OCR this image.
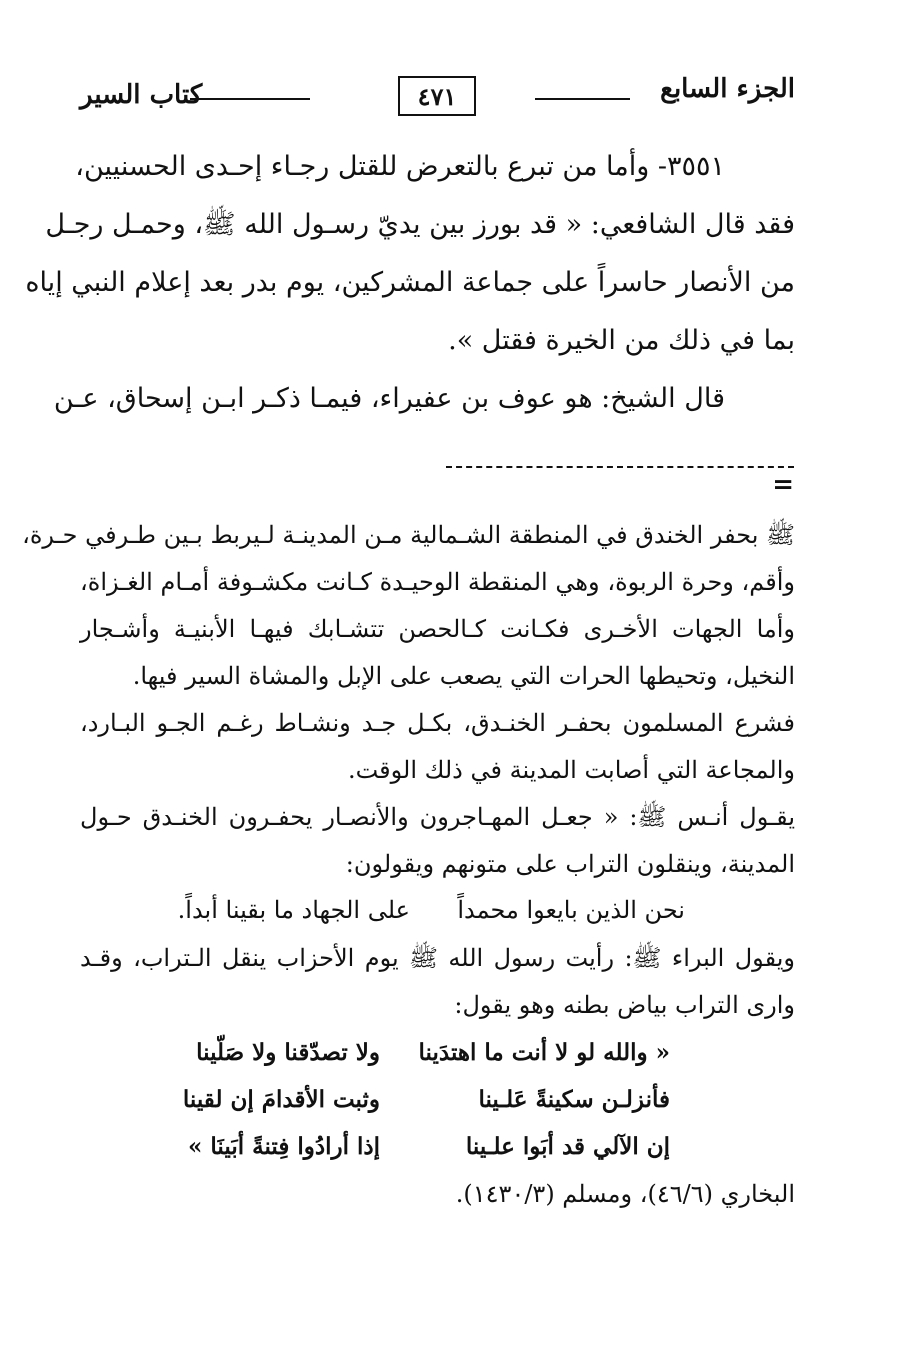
الجزء السابع
٤٧١
كتاب السير
٣٥٥١- وأما من تبرع بالتعرض للقتل رجـاء إحـدى الحسنيين،
فقد قال الشافعي: « قد بورز بين يديّ رسـول الله ﷺ، وحمـل رجـل
من الأنصار حاسراً على جماعة المشركين، يوم بدر بعد إعلام النبي إياه
بما في ذلك من الخيرة فقتل ».
قال الشيخ: هو عوف بن عفيراء، فيمـا ذكـر ابـن إسحاق، عـن
=
ﷺ بحفر الخندق في المنطقة الشـمالية مـن المدينـة لـيربط بـين طـرفي حـرة،
وأقم، وحرة الربوة، وهي المنقطة الوحيـدة كـانت مكشـوفة أمـام الغـزاة،
وأما الجهات الأخـرى فكـانت كـالحصن تتشـابك فيهـا الأبنيـة وأشـجار
النخيل، وتحيطها الحرات التي يصعب على الإبل والمشاة السير فيها.
فشرع المسلمون بحفـر الخنـدق، بكـل جـد ونشـاط رغـم الجـو البـارد،
والمجاعة التي أصابت المدينة في ذلك الوقت.
يقـول أنـس ﷺ: « جعـل المهـاجرون والأنصـار يحفـرون الخنـدق حـول
المدينة، وينقلون التراب على متونهم ويقولون:
نحن الذين بايعوا محمداً
على الجهاد ما بقينا أبداً.
ويقول البراء ﷺ: رأيت رسول الله ﷺ يوم الأحزاب ينقل الـتراب، وقـد
وارى التراب بياض بطنه وهو يقول:
« والله لو لا أنت ما اهتدَينا
ولا تصدّقنا ولا صَلّينا
فأنزلـن سكينةً عَلـينا
وثبت الأقدامَ إن لقينا
إن الآلي قد أبَوا علـينا
إذا أرادُوا فِتنةً أبَينَا »
البخاري (٤٦/٦)، ومسلم (١٤٣٠/٣).
